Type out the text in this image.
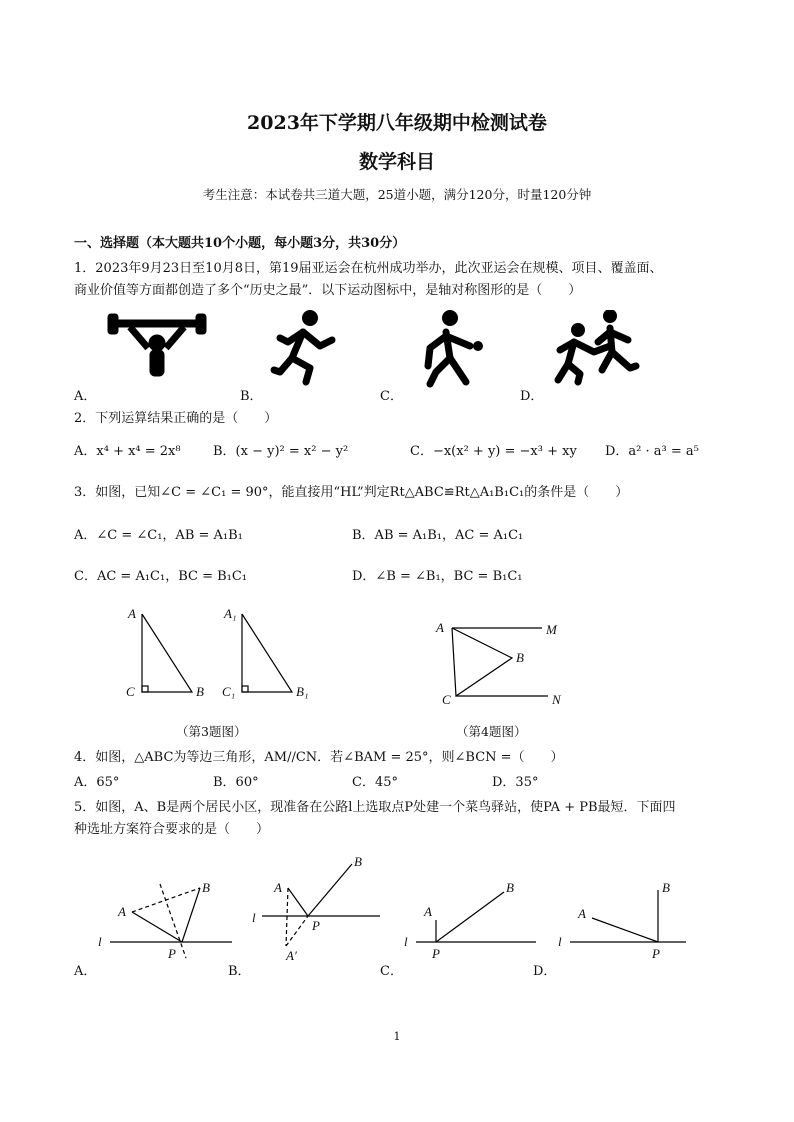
2023年下学期八年级期中检测试卷
数学科目
考生注意：本试卷共三道大题，25道小题，满分120分，时量120分钟
一、选择题（本大题共10个小题，每小题3分，共30分）
1．2023年9月23日至10月8日，第19届亚运会在杭州成功举办，此次亚运会在规模、项目、覆盖面、
商业价值等方面都创造了多个“历史之最”．以下运动图标中，是轴对称图形的是（　　）
A．	B．	C．	D．
2．下列运算结果正确的是（　　）
A．x⁴ + x⁴ = 2x⁸ B．(x − y)² = x² − y²	C．−x(x² + y) = −x³ + xy D．a² · a³ = a⁵
3．如图，已知∠C = ∠C₁ = 90°，能直接用“HL”判定Rt△ABC≌Rt△A₁B₁C₁的条件是（　　）
A．∠C = ∠C₁，AB = A₁B₁	B．AB = A₁B₁，AC = A₁C₁
C．AC = A₁C₁，BC = B₁C₁	D．∠B = ∠B₁，BC = B₁C₁
A
C	B
A₁
C₁	B₁
（第3题图）
A	M
B
C	N
（第4题图）
4．如图，△ABC为等边三角形，AM//CN．若∠BAM = 25°，则∠BCN =（　　）
A．65°	B．60°	C．45°	D．35°
5．如图，A、B是两个居民小区，现准备在公路l上选取点P处建一个菜鸟驿站，使PA + PB最短．下面四
种选址方案符合要求的是（　　）
A
B
l
P
A
B
l
P
A′
A
B
l
P
A
B
l
P
A．	B．	C．	D．
1
